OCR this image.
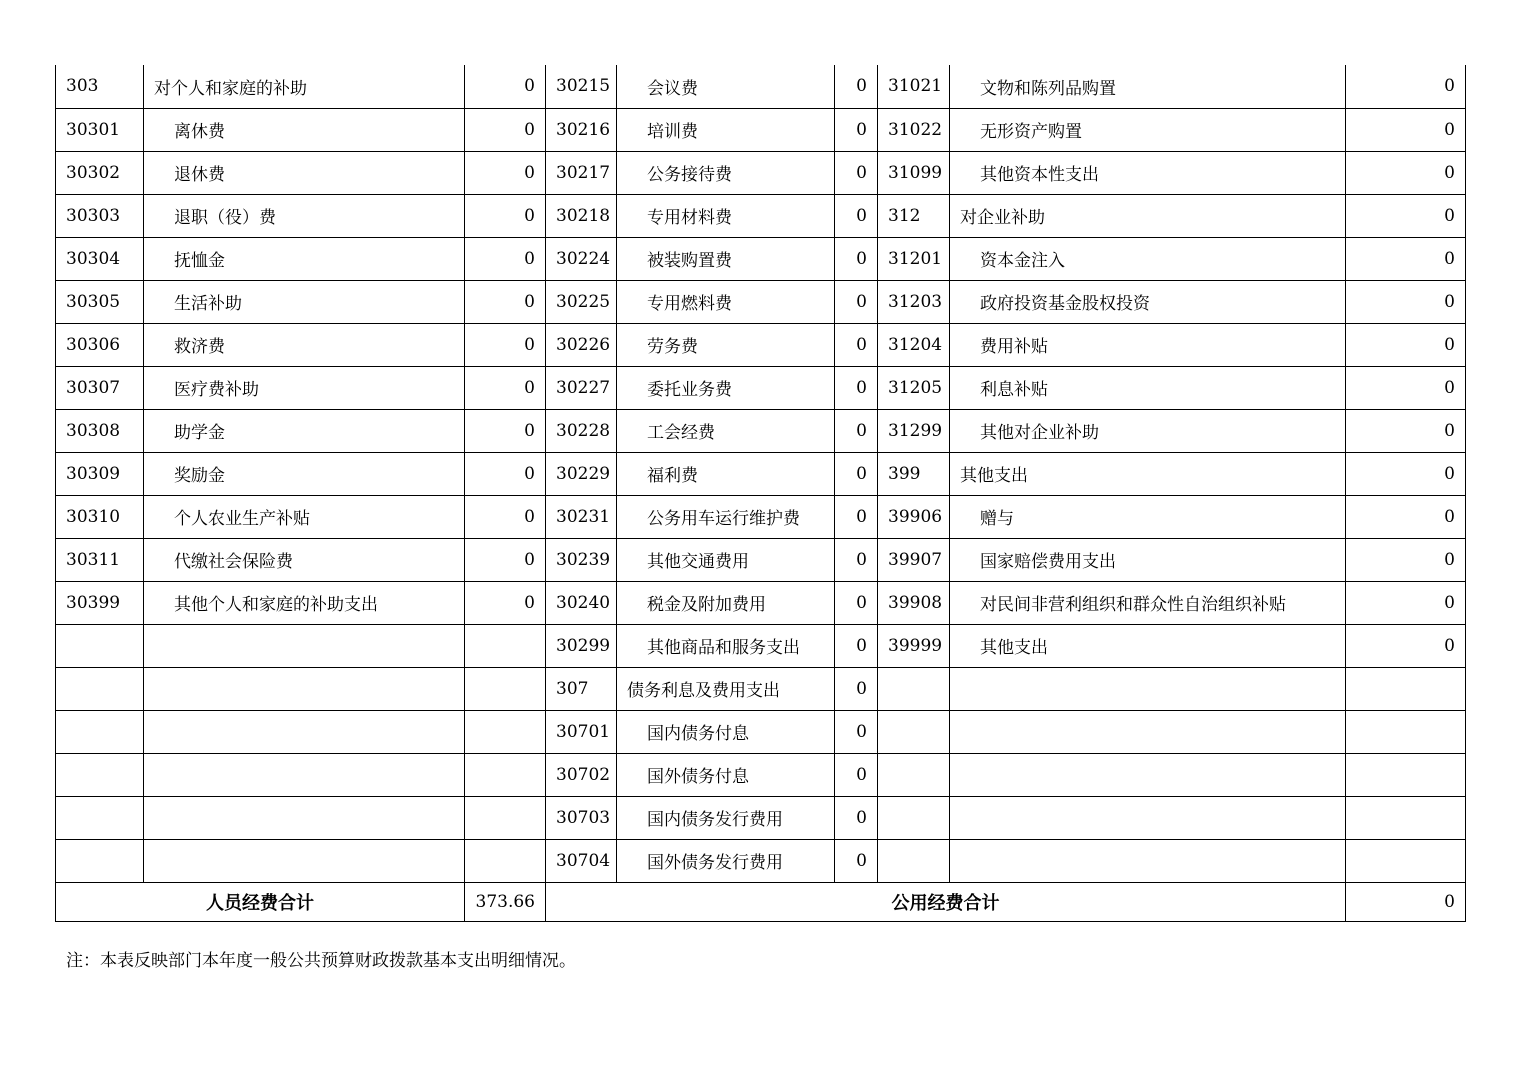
303	对个人和家庭的补助	0	30215	会议费	0	31021	文物和陈列品购置	0
30301	离休费	0	30216	培训费	0	31022	无形资产购置	0
30302	退休费	0	30217	公务接待费	0	31099	其他资本性支出	0
30303	退职（役）费	0	30218	专用材料费	0	312	对企业补助	0
30304	抚恤金	0	30224	被装购置费	0	31201	资本金注入	0
30305	生活补助	0	30225	专用燃料费	0	31203	政府投资基金股权投资	0
30306	救济费	0	30226	劳务费	0	31204	费用补贴	0
30307	医疗费补助	0	30227	委托业务费	0	31205	利息补贴	0
30308	助学金	0	30228	工会经费	0	31299	其他对企业补助	0
30309	奖励金	0	30229	福利费	0	399	其他支出	0
30310	个人农业生产补贴	0	30231	公务用车运行维护费	0	39906	赠与	0
30311	代缴社会保险费	0	30239	其他交通费用	0	39907	国家赔偿费用支出	0
30399	其他个人和家庭的补助支出	0	30240	税金及附加费用	0	39908	对民间非营利组织和群众性自治组织补贴	0
			30299	其他商品和服务支出	0	39999	其他支出	0
			307	债务利息及费用支出	0			
			30701	国内债务付息	0			
			30702	国外债务付息	0			
			30703	国内债务发行费用	0			
			30704	国外债务发行费用	0			
人员经费合计		373.66	公用经费合计					0
注：本表反映部门本年度一般公共预算财政拨款基本支出明细情况。
